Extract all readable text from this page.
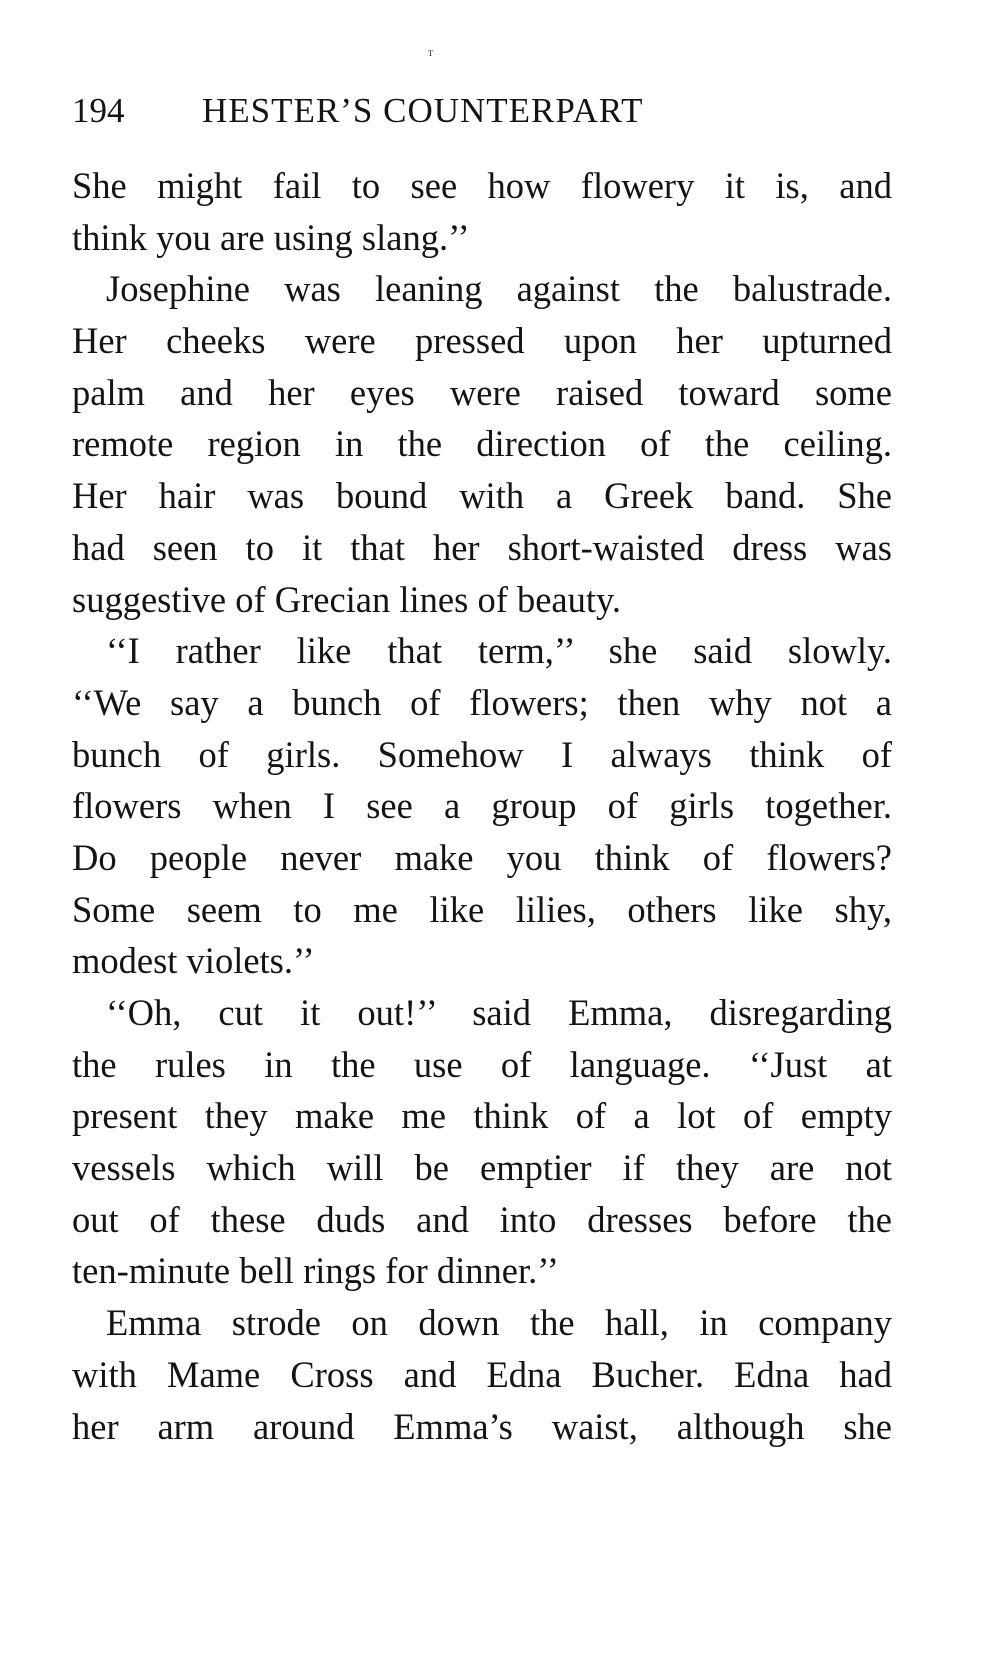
ᵀ
194 HESTER’S COUNTERPART
She might fail to see how flowery it is, and
think you are using slang.’’
Josephine was leaning against the balustrade.
Her cheeks were pressed upon her upturned
palm and her eyes were raised toward some
remote region in the direction of the ceiling.
Her hair was bound with a Greek band. She
had seen to it that her short-waisted dress was
suggestive of Grecian lines of beauty.
‘‘I rather like that term,’’ she said slowly.
‘‘We say a bunch of flowers; then why not a
bunch of girls. Somehow I always think of
flowers when I see a group of girls together.
Do people never make you think of flowers?
Some seem to me like lilies, others like shy,
modest violets.’’
‘‘Oh, cut it out!’’ said Emma, disregarding
the rules in the use of language. ‘‘Just at
present they make me think of a lot of empty
vessels which will be emptier if they are not
out of these duds and into dresses before the
ten-minute bell rings for dinner.’’
Emma strode on down the hall, in company
with Mame Cross and Edna Bucher. Edna had
her arm around Emma’s waist, although she
